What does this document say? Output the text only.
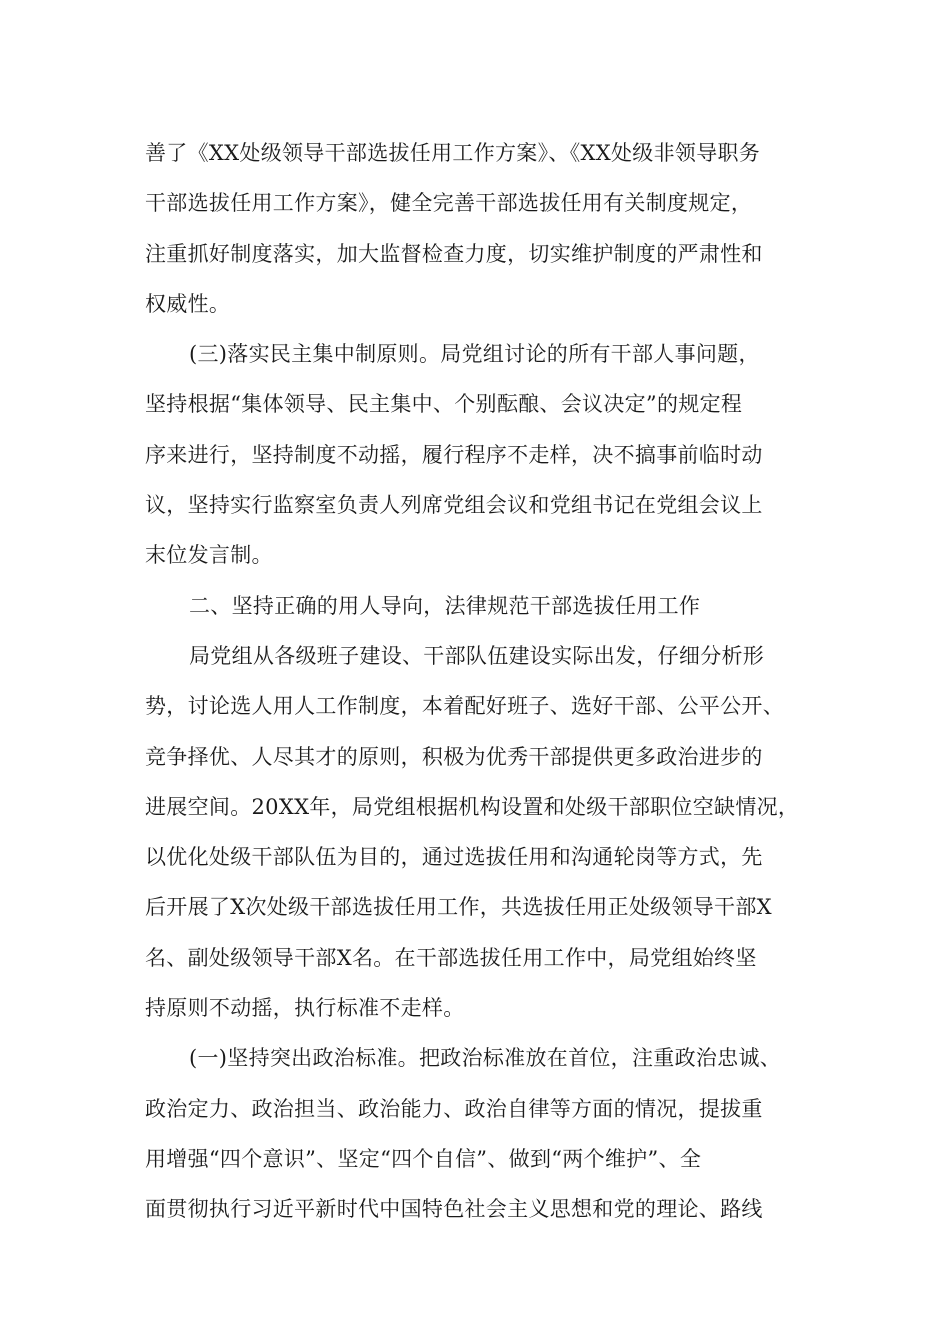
善了《XX处级领导干部选拔任用工作方案》、《XX处级非领导职务
干部选拔任用工作方案》，健全完善干部选拔任用有关制度规定，
注重抓好制度落实，加大监督检查力度，切实维护制度的严肃性和
权威性。
(三)落实民主集中制原则。局党组讨论的所有干部人事问题，
坚持根据“集体领导、民主集中、个别酝酿、会议决定”的规定程
序来进行，坚持制度不动摇，履行程序不走样，决不搞事前临时动
议，坚持实行监察室负责人列席党组会议和党组书记在党组会议上
末位发言制。
二、坚持正确的用人导向，法律规范干部选拔任用工作
局党组从各级班子建设、干部队伍建设实际出发，仔细分析形
势，讨论选人用人工作制度，本着配好班子、选好干部、公平公开、
竞争择优、人尽其才的原则，积极为优秀干部提供更多政治进步的
进展空间。20XX年，局党组根据机构设置和处级干部职位空缺情况，
以优化处级干部队伍为目的，通过选拔任用和沟通轮岗等方式，先
后开展了X次处级干部选拔任用工作，共选拔任用正处级领导干部X
名、副处级领导干部X名。在干部选拔任用工作中，局党组始终坚
持原则不动摇，执行标准不走样。
(一)坚持突出政治标准。把政治标准放在首位，注重政治忠诚、
政治定力、政治担当、政治能力、政治自律等方面的情况，提拔重
用增强“四个意识”、坚定“四个自信”、做到“两个维护”、全
面贯彻执行习近平新时代中国特色社会主义思想和党的理论、路线
